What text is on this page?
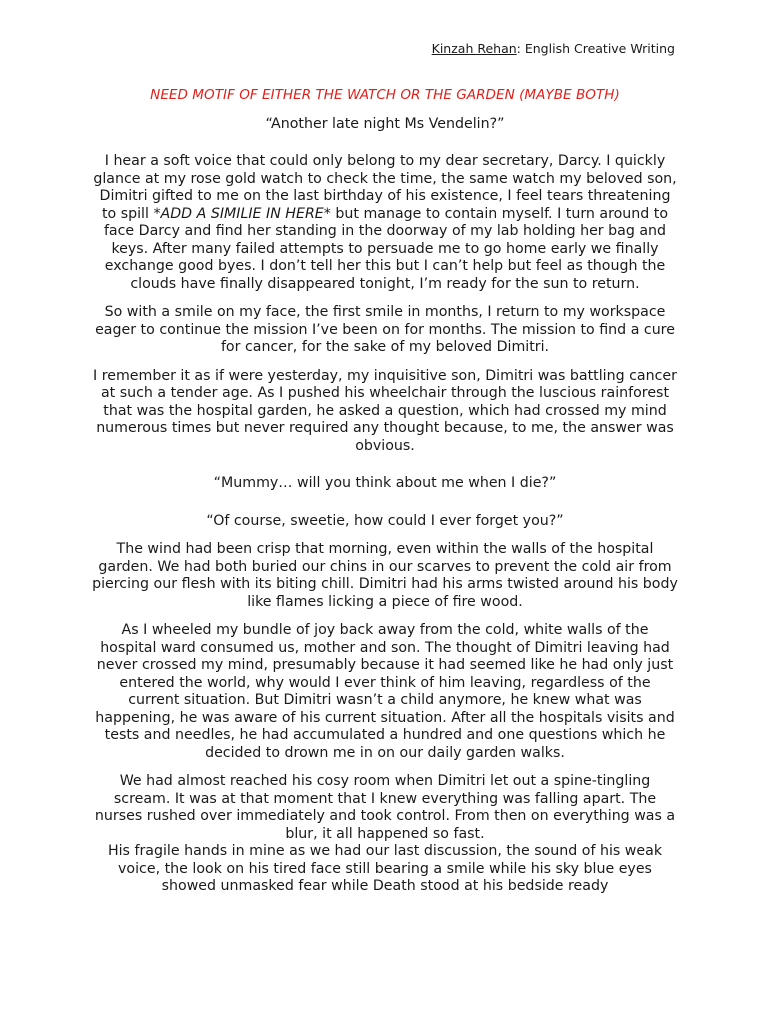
Kinzah Rehan: English Creative Writing

NEED MOTIF OF EITHER THE WATCH OR THE GARDEN (MAYBE BOTH)

“Another late night Ms Vendelin?”

I hear a soft voice that could only belong to my dear secretary, Darcy. I quickly glance at my rose gold watch to check the time, the same watch my beloved son, Dimitri gifted to me on the last birthday of his existence, I feel tears threatening to spill *ADD A SIMILIE IN HERE* but manage to contain myself. I turn around to face Darcy and find her standing in the doorway of my lab holding her bag and keys. After many failed attempts to persuade me to go home early we finally exchange good byes. I don’t tell her this but I can’t help but feel as though the clouds have finally disappeared tonight, I’m ready for the sun to return.

So with a smile on my face, the first smile in months, I return to my workspace eager to continue the mission I’ve been on for months. The mission to find a cure for cancer, for the sake of my beloved Dimitri.

I remember it as if were yesterday, my inquisitive son, Dimitri was battling cancer at such a tender age. As I pushed his wheelchair through the luscious rainforest that was the hospital garden, he asked a question, which had crossed my mind numerous times but never required any thought because, to me, the answer was obvious.

“Mummy… will you think about me when I die?”

“Of course, sweetie, how could I ever forget you?”

The wind had been crisp that morning, even within the walls of the hospital garden. We had both buried our chins in our scarves to prevent the cold air from piercing our flesh with its biting chill. Dimitri had his arms twisted around his body like flames licking a piece of fire wood.

As I wheeled my bundle of joy back away from the cold, white walls of the hospital ward consumed us, mother and son. The thought of Dimitri leaving had never crossed my mind, presumably because it had seemed like he had only just entered the world, why would I ever think of him leaving, regardless of the current situation. But Dimitri wasn’t a child anymore, he knew what was happening, he was aware of his current situation. After all the hospitals visits and tests and needles, he had accumulated a hundred and one questions which he decided to drown me in on our daily garden walks.

We had almost reached his cosy room when Dimitri let out a spine-tingling scream. It was at that moment that I knew everything was falling apart. The nurses rushed over immediately and took control. From then on everything was a blur, it all happened so fast.

His fragile hands in mine as we had our last discussion, the sound of his weak voice, the look on his tired face still bearing a smile while his sky blue eyes showed unmasked fear while Death stood at his bedside ready
